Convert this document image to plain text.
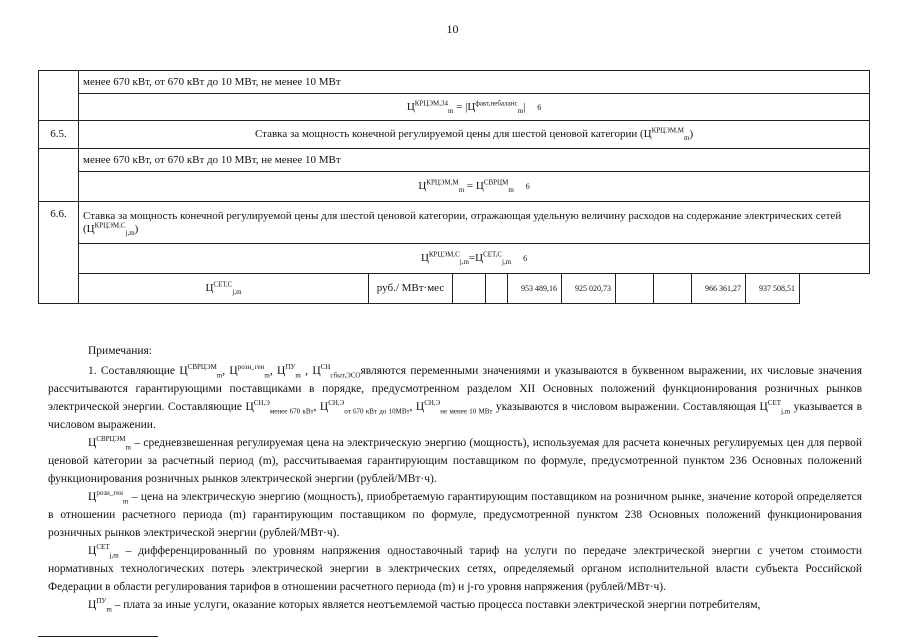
10
	менее 670 кВт, от 670 кВт до 10 МВт, не менее 10 МВт									
	$Ц^{КРЦЭМ,34}_m = |Ц^{факт,небаланс}_m|$ 6									
6.5.	Ставка за мощность конечной регулируемой цены для шестой ценовой категории $(Ц^{КРЦЭМ,М}_m)$									
	менее 670 кВт, от 670 кВт до 10 МВт, не менее 10 МВт									
	$Ц^{КРЦЭМ,М}_m = Ц^{СВРЦМ}_m$ 6									
6.6.	Ставка за мощность конечной регулируемой цены для шестой ценовой категории, отражающая удельную величину расходов на содержание электрических сетей $(Ц^{КРЦЭМ,С}_{j,m})$									
	$Ц^{КРЦЭМ,С}_{j,m}=Ц^{СЕТ,С}_{j,m}$ 6									
	$Ц^{СЕТ,С}_{j,m}$	руб./ МВт·мес			953 489,16	925 020,73			966 361,27	937 508,51

Примечания:

1. Составляющие $Ц^{СВРЦЭМ}_m$, $Ц^{розн\_ген}_m$, $Ц^{ПУ}_m$ , $Ц^{СН}_{сбыт,ЭСО}являются$ переменными значениями и указываются в буквенном выражении, их числовые значения рассчитываются гарантирующими поставщиками в порядке, предусмотренном разделом XII Основных положений функционирования розничных рынков электрической энергии. Составляющие $Ц^{СН,Э}_{менее 670 кВт}$, $Ц^{СН,Э}_{от 670 кВт до 10МВт}$, $Ц^{СН,Э}_{не менее 10 МВт}$ указываются в числовом выражении. Составляющая $Ц^{СЕТ}_{j,m}$ указывается в числовом выражении.

$Ц^{СВРЦЭМ}_m$ – средневзвешенная регулируемая цена на электрическую энергию (мощность), используемая для расчета конечных регулируемых цен для первой ценовой категории за расчетный период (m), рассчитываемая гарантирующим поставщиком по формуле, предусмотренной пунктом 236 Основных положений функционирования розничных рынков электрической энергии (рублей/МВт·ч).

$Ц^{розн\_ген}_m$ – цена на электрическую энергию (мощность), приобретаемую гарантирующим поставщиком на розничном рынке, значение которой определяется в отношении расчетного периода (m) гарантирующим поставщиком по формуле, предусмотренной пунктом 238 Основных положений функционирования розничных рынков электрической энергии (рублей/МВт·ч).

$Ц^{СЕТ}_{j,m}$ – дифференцированный по уровням напряжения одноставочный тариф на услуги по передаче электрической энергии с учетом стоимости нормативных технологических потерь электрической энергии в электрических сетях, определяемый органом исполнительной власти субъекта Российской Федерации в области регулирования тарифов в отношении расчетного периода (m) и j-го уровня напряжения (рублей/МВт·ч).

$Ц^{ПУ}_m$ – плата за иные услуги, оказание которых является неотъемлемой частью процесса поставки электрической энергии потребителям,
